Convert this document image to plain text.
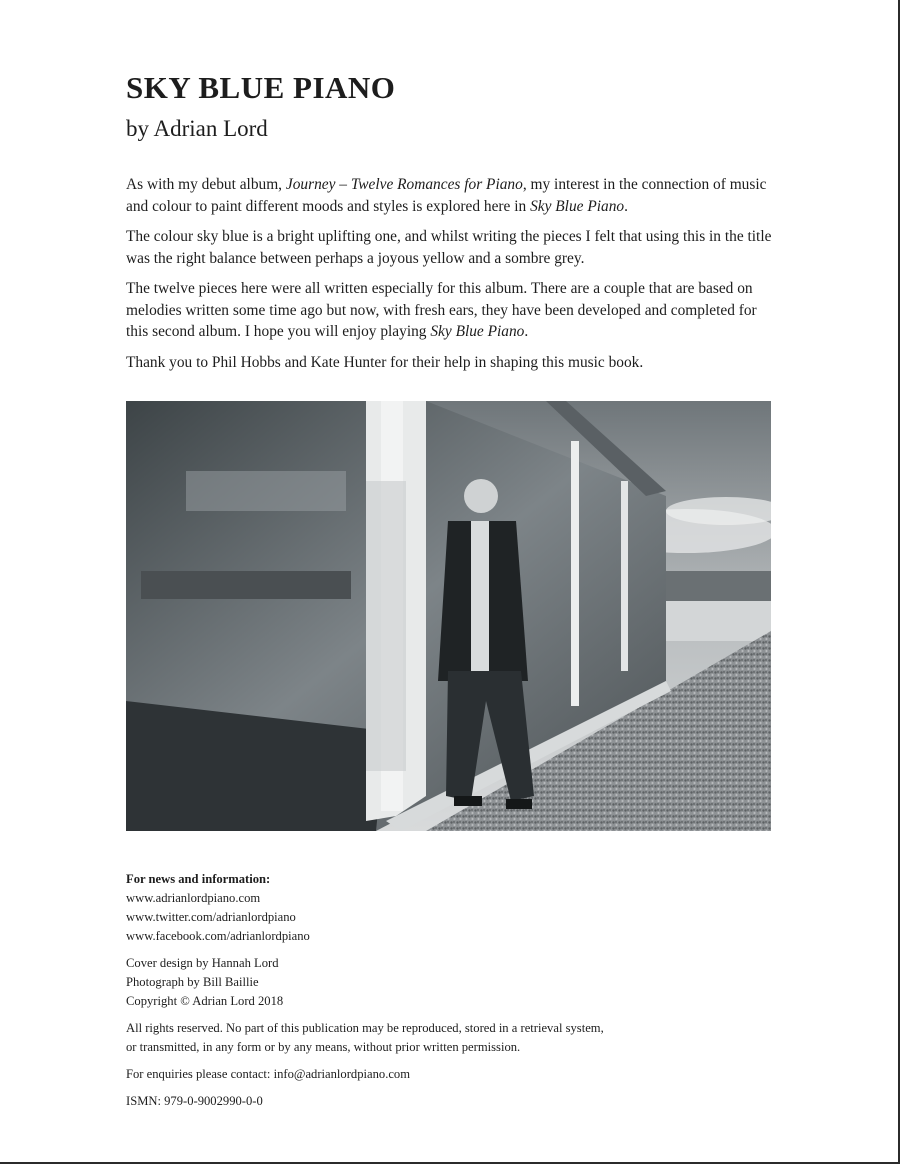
SKY BLUE PIANO
by Adrian Lord

As with my debut album, Journey – Twelve Romances for Piano, my interest in the connection of music and colour to paint different moods and styles is explored here in Sky Blue Piano.

The colour sky blue is a bright uplifting one, and whilst writing the pieces I felt that using this in the title was the right balance between perhaps a joyous yellow and a sombre grey.

The twelve pieces here were all written especially for this album. There are a couple that are based on melodies written some time ago but now, with fresh ears, they have been developed and completed for this second album. I hope you will enjoy playing Sky Blue Piano.

Thank you to Phil Hobbs and Kate Hunter for their help in shaping this music book.

For news and information:
www.adrianlordpiano.com
www.twitter.com/adrianlordpiano
www.facebook.com/adrianlordpiano
Cover design by Hannah Lord
Photograph by Bill Baillie
Copyright © Adrian Lord 2018
All rights reserved. No part of this publication may be reproduced, stored in a retrieval system,
or transmitted, in any form or by any means, without prior written permission.
For enquiries please contact: info@adrianlordpiano.com
ISMN: 979-0-9002990-0-0
